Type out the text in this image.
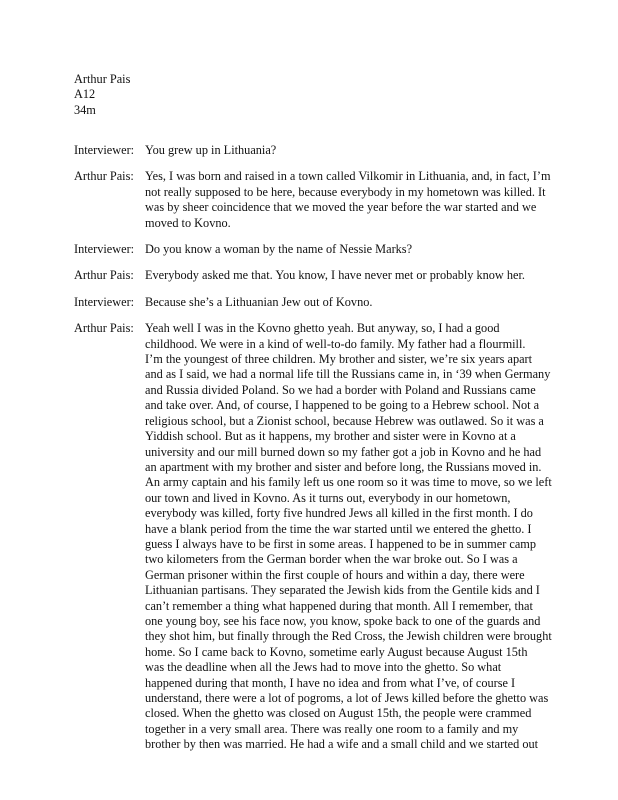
Arthur Pais
A12
34m
Interviewer: You grew up in Lithuania?
Arthur Pais: Yes, I was born and raised in a town called Vilkomir in Lithuania, and, in fact, I’m
not really supposed to be here, because everybody in my hometown was killed. It
was by sheer coincidence that we moved the year before the war started and we
moved to Kovno.
Interviewer: Do you know a woman by the name of Nessie Marks?
Arthur Pais: Everybody asked me that. You know, I have never met or probably know her.
Interviewer: Because she’s a Lithuanian Jew out of Kovno.
Arthur Pais: Yeah well I was in the Kovno ghetto yeah. But anyway, so, I had a good
childhood. We were in a kind of well-to-do family. My father had a flourmill.
I’m the youngest of three children. My brother and sister, we’re six years apart
and as I said, we had a normal life till the Russians came in, in ‘39 when Germany
and Russia divided Poland. So we had a border with Poland and Russians came
and take over. And, of course, I happened to be going to a Hebrew school. Not a
religious school, but a Zionist school, because Hebrew was outlawed. So it was a
Yiddish school. But as it happens, my brother and sister were in Kovno at a
university and our mill burned down so my father got a job in Kovno and he had
an apartment with my brother and sister and before long, the Russians moved in.
An army captain and his family left us one room so it was time to move, so we left
our town and lived in Kovno. As it turns out, everybody in our hometown,
everybody was killed, forty five hundred Jews all killed in the first month. I do
have a blank period from the time the war started until we entered the ghetto. I
guess I always have to be first in some areas. I happened to be in summer camp
two kilometers from the German border when the war broke out. So I was a
German prisoner within the first couple of hours and within a day, there were
Lithuanian partisans. They separated the Jewish kids from the Gentile kids and I
can’t remember a thing what happened during that month. All I remember, that
one young boy, see his face now, you know, spoke back to one of the guards and
they shot him, but finally through the Red Cross, the Jewish children were brought
home. So I came back to Kovno, sometime early August because August 15th
was the deadline when all the Jews had to move into the ghetto. So what
happened during that month, I have no idea and from what I’ve, of course I
understand, there were a lot of pogroms, a lot of Jews killed before the ghetto was
closed. When the ghetto was closed on August 15th, the people were crammed
together in a very small area. There was really one room to a family and my
brother by then was married. He had a wife and a small child and we started out
